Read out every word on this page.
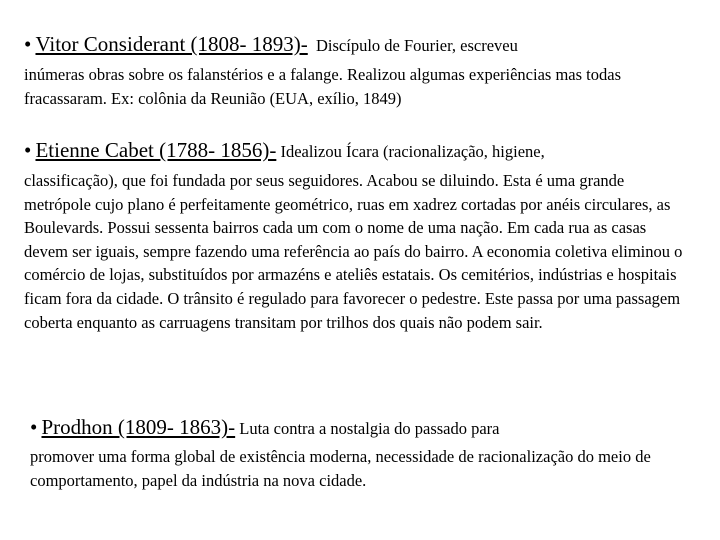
• Vitor Considerant (1808- 1893)-  Discípulo de Fourier, escreveu

inúmeras obras sobre os falanstérios e a falange. Realizou algumas experiências mas todas fracassaram. Ex: colônia da Reunião (EUA, exílio, 1849)

• Etienne Cabet (1788- 1856)- Idealizou Ícara (racionalização, higiene,

classificação), que foi fundada por seus seguidores. Acabou se diluindo. Esta é uma grande metrópole cujo plano é perfeitamente geométrico, ruas em xadrez cortadas por anéis circulares, as Boulevards. Possui sessenta bairros cada um com o nome de uma nação. Em cada rua as casas devem ser iguais, sempre fazendo uma referência ao país do bairro. A economia coletiva eliminou o comércio de lojas, substituídos por armazéns e ateliês estatais. Os cemitérios, indústrias e hospitais ficam fora da cidade. O trânsito é regulado para favorecer o pedestre. Este passa por uma passagem coberta enquanto as carruagens transitam por trilhos dos quais não podem sair.

• Prodhon (1809- 1863)- Luta contra a nostalgia do passado para

promover uma forma global de existência moderna, necessidade de racionalização do meio de comportamento, papel da indústria na nova cidade.
